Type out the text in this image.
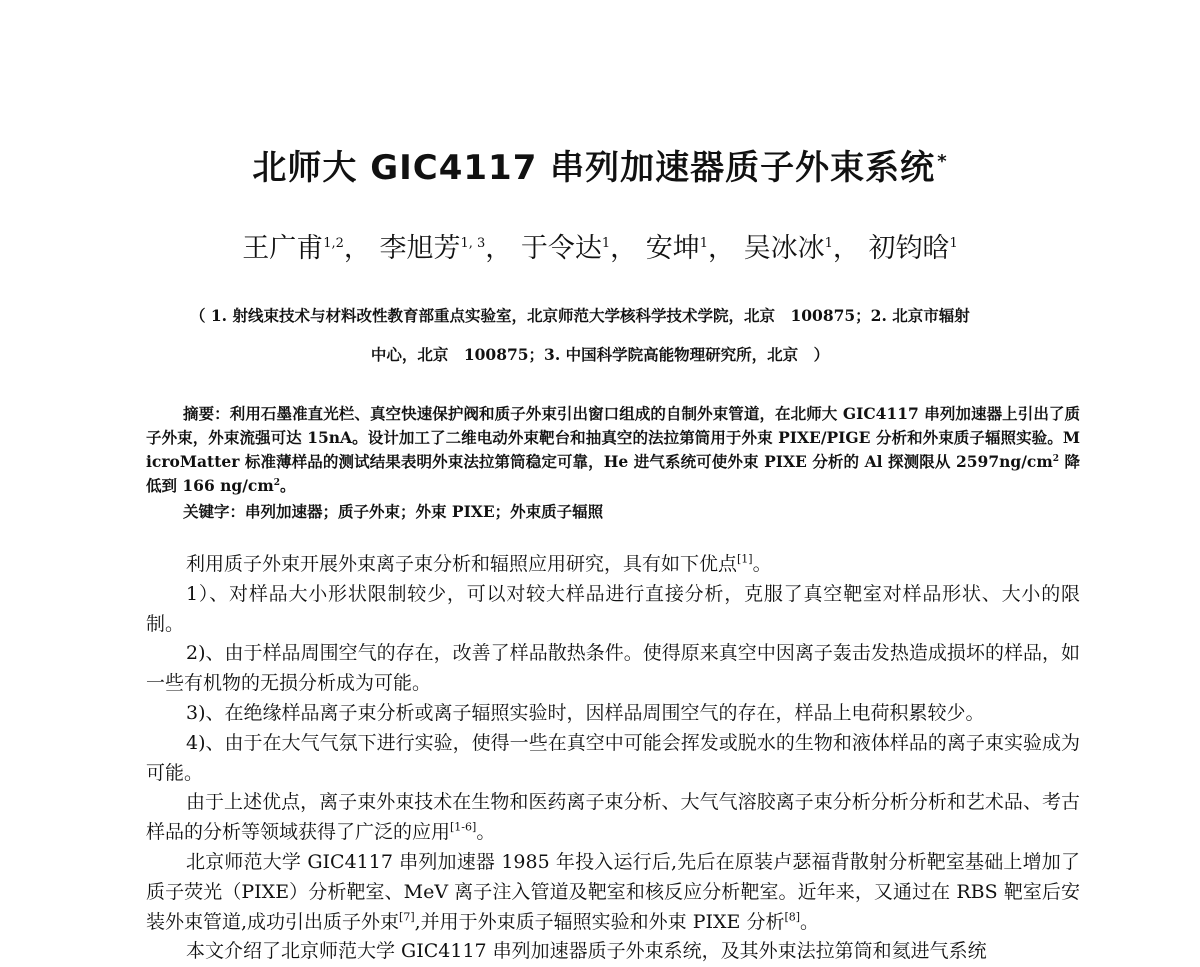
北师大 GIC4117 串列加速器质子外束系统 *
王广甫$^{1,2}$， 李旭芳$^{1, 3}$， 于令达$^1$， 安坤$^1$， 吴冰冰$^1$， 初钧晗$^1$
（ 1. 射线束技术与材料改性教育部重点实验室，北京师范大学核科学技术学院，北京　100875；2. 北京市辐射
中心，北京　100875；3. 中国科学院高能物理研究所，北京　）
摘要：利用石墨准直光栏、真空快速保护阀和质子外束引出窗口组成的自制外束管道，在北师大 GIC4117 串列加速器上引出了质子外束，外束流强可达 15nA。设计加工了二维电动外束靶台和抽真空的法拉第筒用于外束 PIXE/PIGE 分析和外束质子辐照实验。MicroMatter 标准薄样品的测试结果表明外束法拉第筒稳定可靠，He 进气系统可使外束 PIXE 分析的 Al 探测限从 $2597ng/cm^2$ 降低到 166 $ng/cm^2$。
关键字：串列加速器；质子外束；外束 PIXE；外束质子辐照

利用质子外束开展外束离子束分析和辐照应用研究，具有如下优点[1]。

1）、对样品大小形状限制较少，可以对较大样品进行直接分析，克服了真空靶室对样品形状、大小的限制。

2)、由于样品周围空气的存在，改善了样品散热条件。使得原来真空中因离子轰击发热造成损坏的样品，如一些有机物的无损分析成为可能。

3)、在绝缘样品离子束分析或离子辐照实验时，因样品周围空气的存在，样品上电荷积累较少。

4)、由于在大气气氛下进行实验，使得一些在真空中可能会挥发或脱水的生物和液体样品的离子束实验成为可能。

由于上述优点，离子束外束技术在生物和医药离子束分析、大气气溶胶离子束分析分析分析和艺术品、考古样品的分析等领域获得了广泛的应用[1-6]。

北京师范大学 GIC4117 串列加速器 1985 年投入运行后,先后在原装卢瑟福背散射分析靶室基础上增加了质子荧光（PIXE）分析靶室、MeV 离子注入管道及靶室和核反应分析靶室。近年来，又通过在 RBS 靶室后安装外束管道,成功引出质子外束[7],并用于外束质子辐照实验和外束 PIXE 分析[8]。

本文介绍了北京师范大学 GIC4117 串列加速器质子外束系统，及其外束法拉第筒和氦进气系统
